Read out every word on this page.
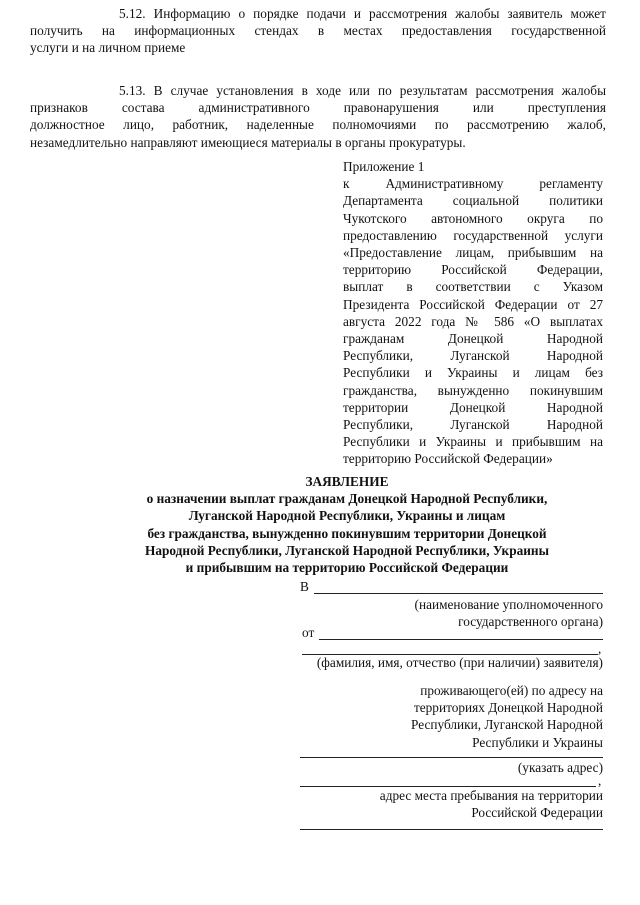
5.12. Информацию о порядке подачи и рассмотрения жалобы заявитель может
получить на информационных стендах в местах предоставления государственной
услуги и на личном приеме
5.13. В случае установления в ходе или по результатам рассмотрения жалобы
признаков состава административного правонарушения или преступления
должностное лицо, работник, наделенные полномочиями по рассмотрению жалоб,
незамедлительно направляют имеющиеся материалы в органы прокуратуры.
Приложение 1
к Административному регламенту
Департамента социальной политики
Чукотского автономного округа по
предоставлению государственной услуги
«Предоставление лицам, прибывшим на
территорию Российской Федерации,
выплат в соответствии с Указом
Президента Российской Федерации от 27
августа 2022 года № 586 «О выплатах
гражданам Донецкой Народной
Республики, Луганской Народной
Республики и Украины и лицам без
гражданства, вынужденно покинувшим
территории Донецкой Народной
Республики, Луганской Народной
Республики и Украины и прибывшим на
территорию Российской Федерации»
ЗАЯВЛЕНИЕ
о назначении выплат гражданам Донецкой Народной Республики,
Луганской Народной Республики, Украины и лицам
без гражданства, вынужденно покинувшим территории Донецкой
Народной Республики, Луганской Народной Республики, Украины
и прибывшим на территорию Российской Федерации
В
(наименование уполномоченного
государственного органа)
от
,
(фамилия, имя, отчество (при наличии) заявителя)
проживающего(ей) по адресу на
территориях Донецкой Народной
Республики, Луганской Народной
Республики и Украины
(указать адрес)
,
адрес места пребывания на территории
Российской Федерации
